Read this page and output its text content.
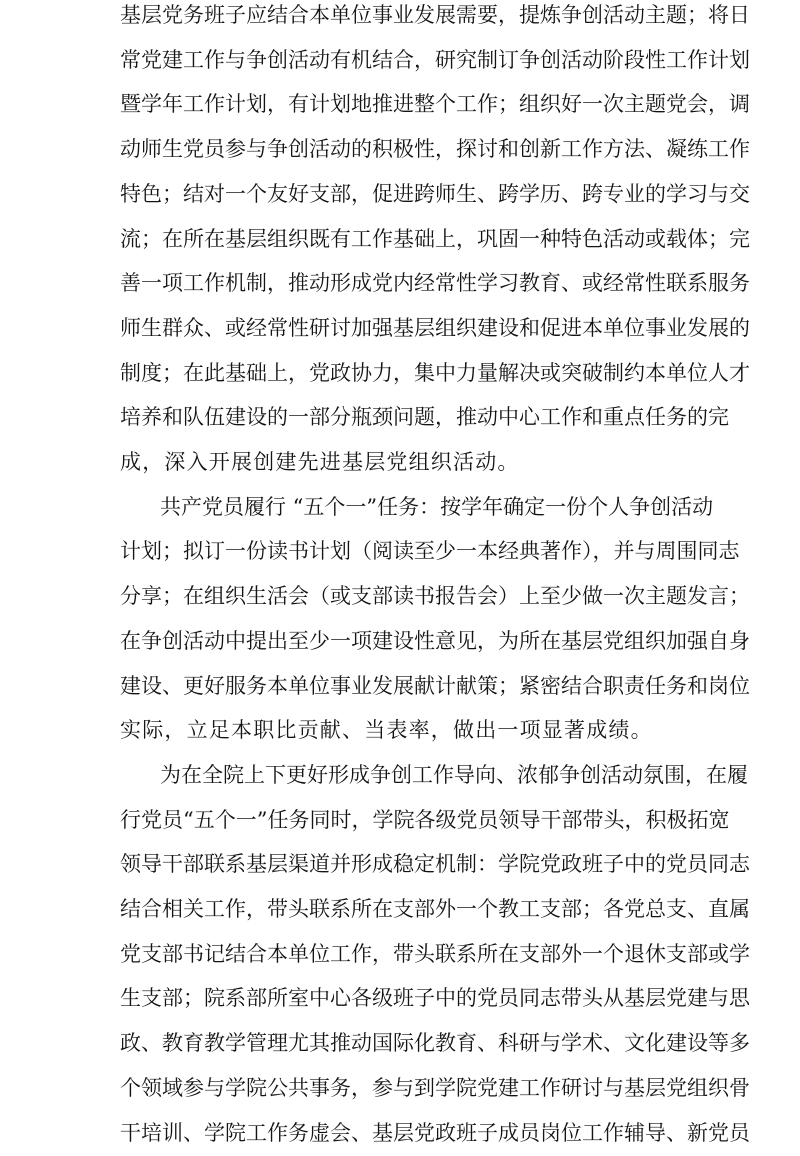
基层党务班子应结合本单位事业发展需要，提炼争创活动主题；将日
常党建工作与争创活动有机结合，研究制订争创活动阶段性工作计划
暨学年工作计划，有计划地推进整个工作；组织好一次主题党会，调
动师生党员参与争创活动的积极性，探讨和创新工作方法、凝练工作
特色；结对一个友好支部，促进跨师生、跨学历、跨专业的学习与交
流；在所在基层组织既有工作基础上，巩固一种特色活动或载体；完
善一项工作机制，推动形成党内经常性学习教育、或经常性联系服务
师生群众、或经常性研讨加强基层组织建设和促进本单位事业发展的
制度；在此基础上，党政协力，集中力量解决或突破制约本单位人才
培养和队伍建设的一部分瓶颈问题，推动中心工作和重点任务的完
成，深入开展创建先进基层党组织活动。
共产党员履行 “五个一”任务：按学年确定一份个人争创活动
计划；拟订一份读书计划（阅读至少一本经典著作），并与周围同志
分享；在组织生活会（或支部读书报告会）上至少做一次主题发言；
在争创活动中提出至少一项建设性意见，为所在基层党组织加强自身
建设、更好服务本单位事业发展献计献策；紧密结合职责任务和岗位
实际，立足本职比贡献、当表率，做出一项显著成绩。
为在全院上下更好形成争创工作导向、浓郁争创活动氛围，在履
行党员“五个一”任务同时，学院各级党员领导干部带头，积极拓宽
领导干部联系基层渠道并形成稳定机制：学院党政班子中的党员同志
结合相关工作，带头联系所在支部外一个教工支部；各党总支、直属
党支部书记结合本单位工作，带头联系所在支部外一个退休支部或学
生支部；院系部所室中心各级班子中的党员同志带头从基层党建与思
政、教育教学管理尤其推动国际化教育、科研与学术、文化建设等多
个领域参与学院公共事务，参与到学院党建工作研讨与基层党组织骨
干培训、学院工作务虚会、基层党政班子成员岗位工作辅导、新党员
